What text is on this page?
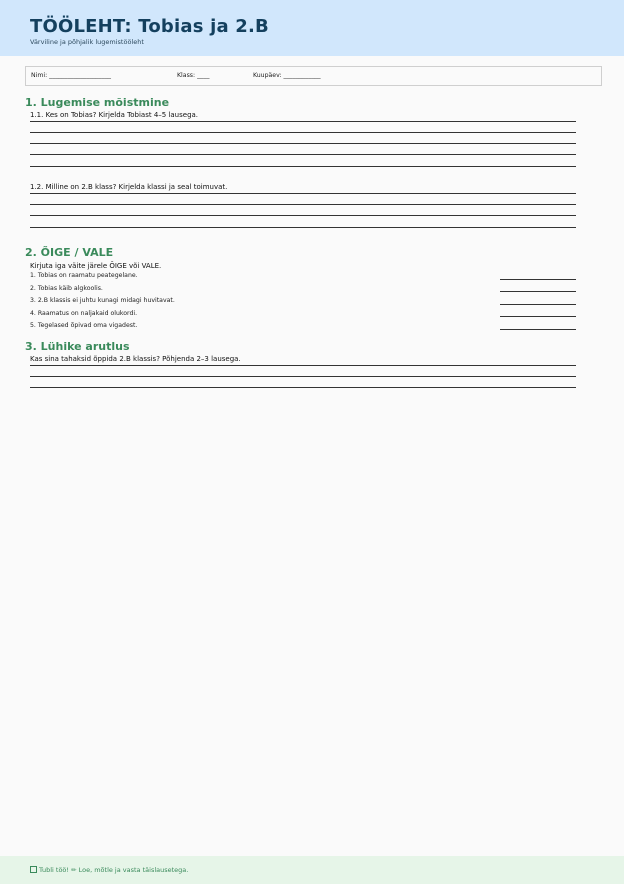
TÖÖLEHT: Tobias ja 2.B
Värviline ja põhjalik lugemistööleht
Nimi: ____________________	Klass: ____	Kuupäev: ____________
1. Lugemise mõistmine
1.1. Kes on Tobias? Kirjelda Tobiast 4–5 lausega.
1.2. Milline on 2.B klass? Kirjelda klassi ja seal toimuvat.
2. ÕIGE / VALE
Kirjuta iga väite järele ÕIGE või VALE.
1. Tobias on raamatu peategelane.
2. Tobias käib algkoolis.
3. 2.B klassis ei juhtu kunagi midagi huvitavat.
4. Raamatus on naljakaid olukordi.
5. Tegelased õpivad oma vigadest.
3. Lühike arutlus
Kas sina tahaksid õppida 2.B klassis? Põhjenda 2–3 lausega.
Tubli töö! ✏ Loe, mõtle ja vasta täislausetega.
